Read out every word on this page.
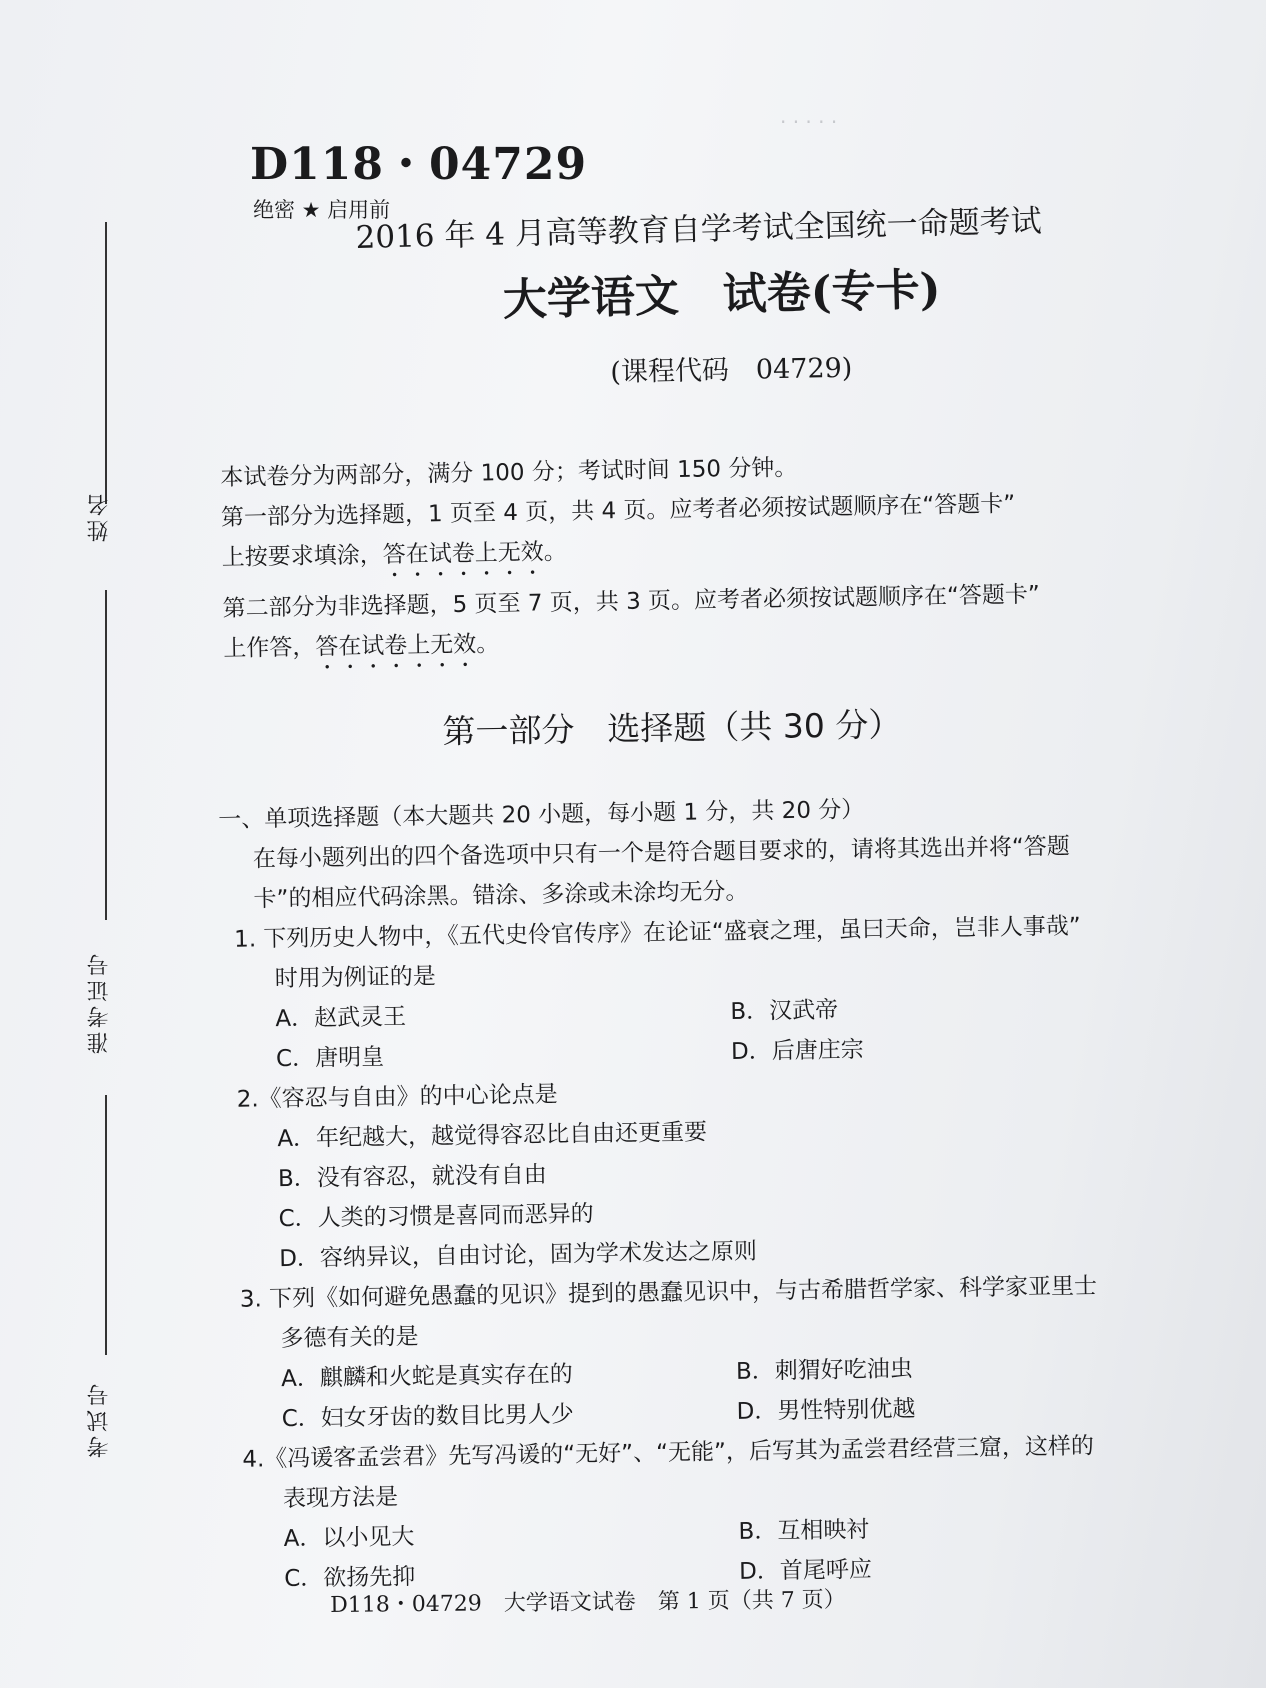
· · · · ·
姓名
准考证号
考试号
D118・04729
绝密 ★ 启用前
2016 年 4 月高等教育自学考试全国统一命题考试
大学语文　试卷(专卡)
(课程代码　04729)
本试卷分为两部分，满分 100 分；考试时间 150 分钟。
第一部分为选择题，1 页至 4 页，共 4 页。应考者必须按试题顺序在“答题卡”
上按要求填涂，答在试卷上无效。
第二部分为非选择题，5 页至 7 页，共 3 页。应考者必须按试题顺序在“答题卡”
上作答，答在试卷上无效。
第一部分　选择题（共 30 分）
一、单项选择题（本大题共 20 小题，每小题 1 分，共 20 分）
在每小题列出的四个备选项中只有一个是符合题目要求的，请将其选出并将“答题
卡”的相应代码涂黑。错涂、多涂或未涂均无分。
1. 下列历史人物中，《五代史伶官传序》在论证“盛衰之理，虽曰天命，岂非人事哉”
时用为例证的是
A．赵武灵王	B．汉武帝
C．唐明皇	D．后唐庄宗
2.《容忍与自由》的中心论点是
A．年纪越大，越觉得容忍比自由还更重要
B．没有容忍，就没有自由
C．人类的习惯是喜同而恶异的
D．容纳异议，自由讨论，固为学术发达之原则
3. 下列《如何避免愚蠢的见识》提到的愚蠢见识中，与古希腊哲学家、科学家亚里士
多德有关的是
A．麒麟和火蛇是真实存在的	B．刺猬好吃油虫
C．妇女牙齿的数目比男人少	D．男性特别优越
4.《冯谖客孟尝君》先写冯谖的“无好”、“无能”，后写其为孟尝君经营三窟，这样的
表现方法是
A．以小见大	B．互相映衬
C．欲扬先抑	D．首尾呼应
D118・04729　大学语文试卷　第 1 页（共 7 页）
